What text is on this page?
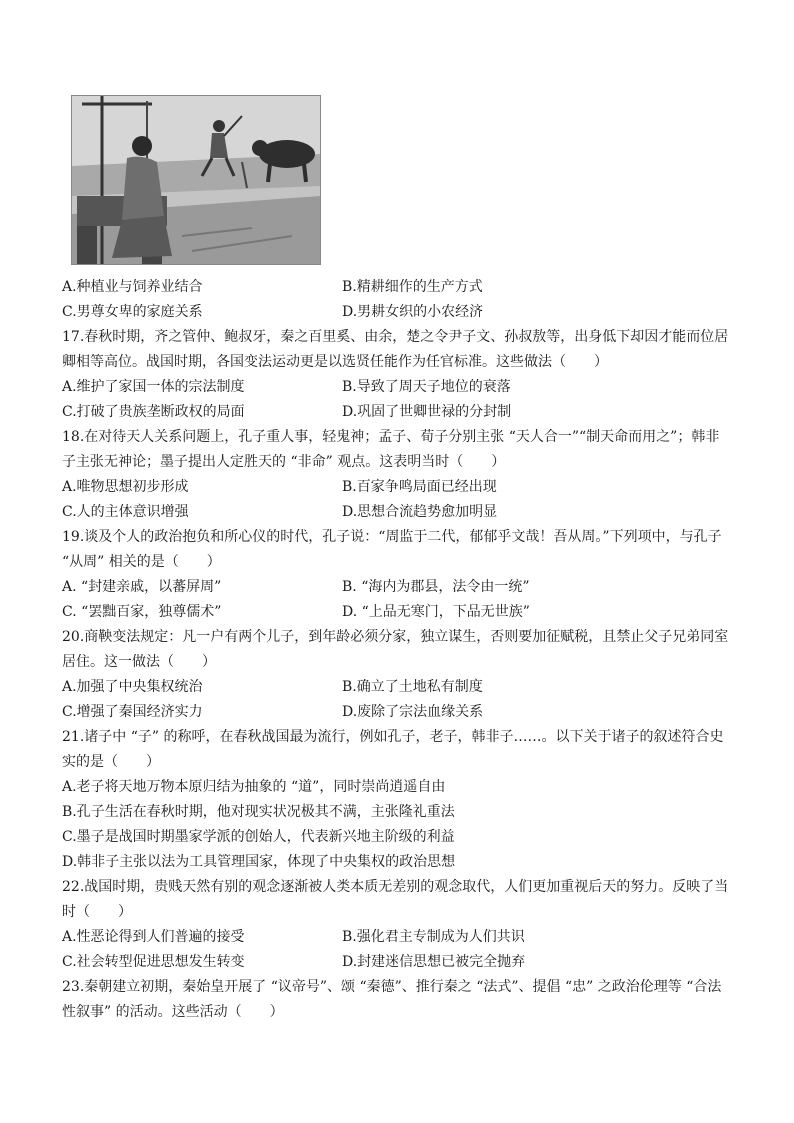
A.种植业与饲养业结合	B.精耕细作的生产方式
C.男尊女卑的家庭关系	D.男耕女织的小农经济
17.春秋时期，齐之管仲、鲍叔牙，秦之百里奚、由余，楚之令尹子文、孙叔敖等，出身低下却因才能而位居
卿相等高位。战国时期，各国变法运动更是以选贤任能作为任官标准。这些做法（　　）
A.维护了家国一体的宗法制度	B.导致了周天子地位的衰落
C.打破了贵族垄断政权的局面	D.巩固了世卿世禄的分封制
18.在对待天人关系问题上，孔子重人事，轻鬼神；孟子、荀子分别主张 “天人合一”“制天命而用之”；韩非
子主张无神论；墨子提出人定胜天的 “非命” 观点。这表明当时（　　）
A.唯物思想初步形成	B.百家争鸣局面已经出现
C.人的主体意识增强	D.思想合流趋势愈加明显
19.谈及个人的政治抱负和所心仪的时代，孔子说：“周监于二代，郁郁乎文哉！吾从周。”下列项中，与孔子
“从周” 相关的是（　　）
A. “封建亲戚，以蕃屏周”	B. “海内为郡县，法令由一统”
C. “罢黜百家，独尊儒术”	D. “上品无寒门，下品无世族”
20.商鞅变法规定：凡一户有两个儿子，到年龄必须分家，独立谋生，否则要加征赋税，且禁止父子兄弟同室
居住。这一做法（　　）
A.加强了中央集权统治	B.确立了土地私有制度
C.增强了秦国经济实力	D.废除了宗法血缘关系
21.诸子中 “子” 的称呼，在春秋战国最为流行，例如孔子，老子，韩非子……。以下关于诸子的叙述符合史
实的是（　　）
A.老子将天地万物本原归结为抽象的 “道”，同时崇尚逍遥自由
B.孔子生活在春秋时期，他对现实状况极其不满，主张隆礼重法
C.墨子是战国时期墨家学派的创始人，代表新兴地主阶级的利益
D.韩非子主张以法为工具管理国家，体现了中央集权的政治思想
22.战国时期，贵贱天然有别的观念逐渐被人类本质无差别的观念取代，人们更加重视后天的努力。反映了当
时（　　）
A.性恶论得到人们普遍的接受	B.强化君主专制成为人们共识
C.社会转型促进思想发生转变	D.封建迷信思想已被完全抛弃
23.秦朝建立初期，秦始皇开展了 “议帝号”、颂 “秦德”、推行秦之 “法式”、提倡 “忠” 之政治伦理等 “合法
性叙事” 的活动。这些活动（　　）
